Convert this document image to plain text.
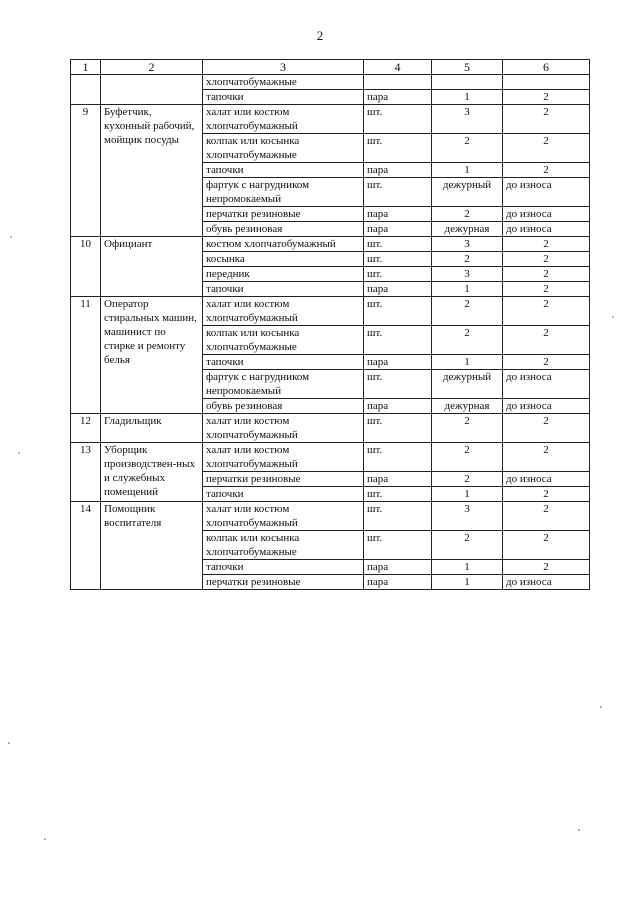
2
1	2	3	4	5	6
		хлопчатобумажные			
		тапочки	пара	1	2
9	Буфетчик, кухонный рабочий, мойщик посуды	халат или костюм хлопчатобумажный	шт.	3	2
		колпак или косынка хлопчатобумажные	шт.	2	2
		тапочки	пара	1	2
		фартук с нагрудником непромокаемый	шт.	дежурный	до износа
		перчатки резиновые	пара	2	до износа
		обувь резиновая	пара	дежурная	до износа
10	Официант	костюм хлопчатобумажный	шт.	3	2
		косынка	шт.	2	2
		передник	шт.	3	2
		тапочки	пара	1	2
11	Оператор стиральных машин, машинист по стирке и ремонту белья	халат или костюм хлопчатобумажный	шт.	2	2
		колпак или косынка хлопчатобумажные	шт.	2	2
		тапочки	пара	1	2
		фартук с нагрудником непромокаемый	шт.	дежурный	до износа
		обувь резиновая	пара	дежурная	до износа
12	Гладильщик	халат или костюм хлопчатобумажный	шт.	2	2
13	Уборщик производствен-ных и служебных помещений	халат или костюм хлопчатобумажный	шт.	2	2
		перчатки резиновые	пара	2	до износа
		тапочки	шт.	1	2
14	Помощник воспитателя	халат или костюм хлопчатобумажный	шт.	3	2
		колпак или косынка хлопчатобумажные	шт.	2	2
		тапочки	пара	1	2
		перчатки резиновые	пара	1	до износа
